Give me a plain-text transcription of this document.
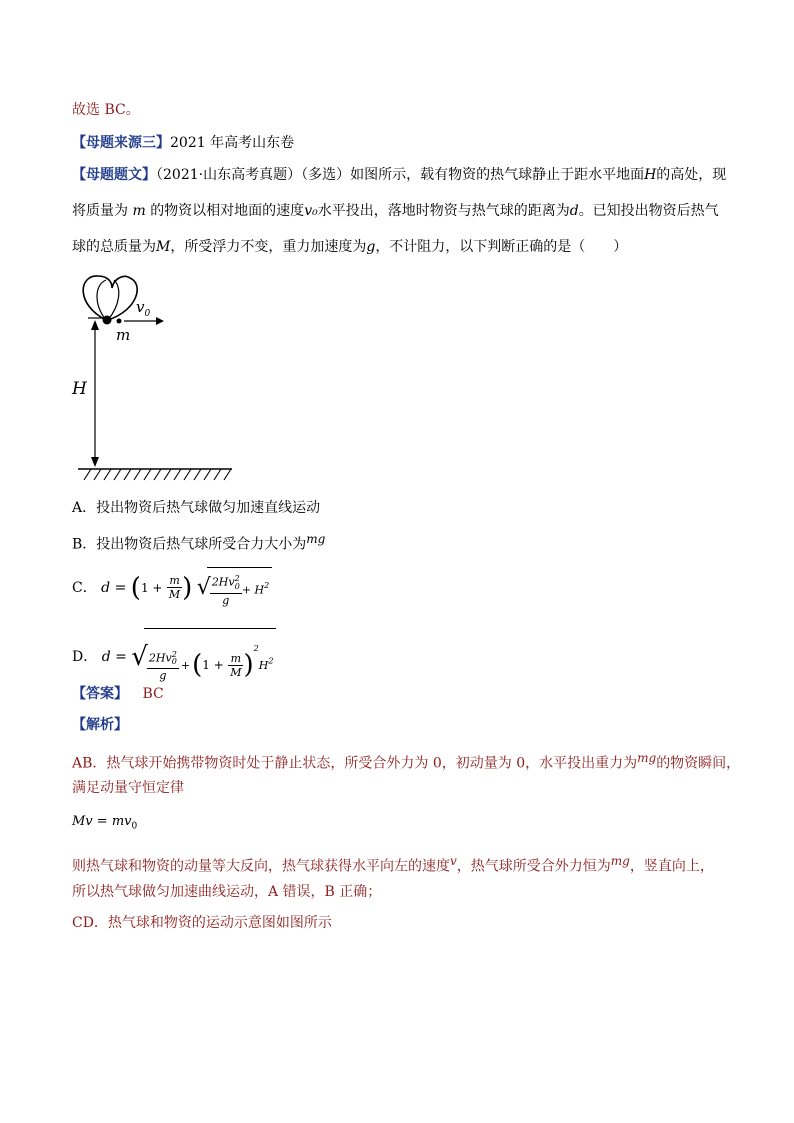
故选 BC。
【母题来源三】2021 年高考山东卷
【母题题文】（2021·山东高考真题）（多选）如图所示，载有物资的热气球静止于距水平地面H的高处，现
将质量为 m 的物资以相对地面的速度v₀水平投出，落地时物资与热气球的距离为d。已知投出物资后热气
球的总质量为M，所受浮力不变，重力加速度为g，不计阻力，以下判断正确的是（　　）
$v_0$
m
H
A．投出物资后热气球做匀加速直线运动
B．投出物资后热气球所受合力大小为$^{mg}$
C． $d = (1 + \frac{m}{M}$ ) √ $\frac{2Hv^2_0}{g} + H^2$
D． d = √ $\frac{2Hv^2_0}{g} +(1 + \frac{m}{M} )^2H^2$
【答案】 BC
【解析】
AB．热气球开始携带物资时处于静止状态，所受合外力为 0，初动量为 0，水平投出重力为$^{mg}$的物资瞬间，
满足动量守恒定律
$Mv = mv_0$
则热气球和物资的动量等大反向，热气球获得水平向左的速度$^v$，热气球所受合外力恒为$^{mg}$，竖直向上，
所以热气球做匀加速曲线运动，A 错误，B 正确；
CD．热气球和物资的运动示意图如图所示
